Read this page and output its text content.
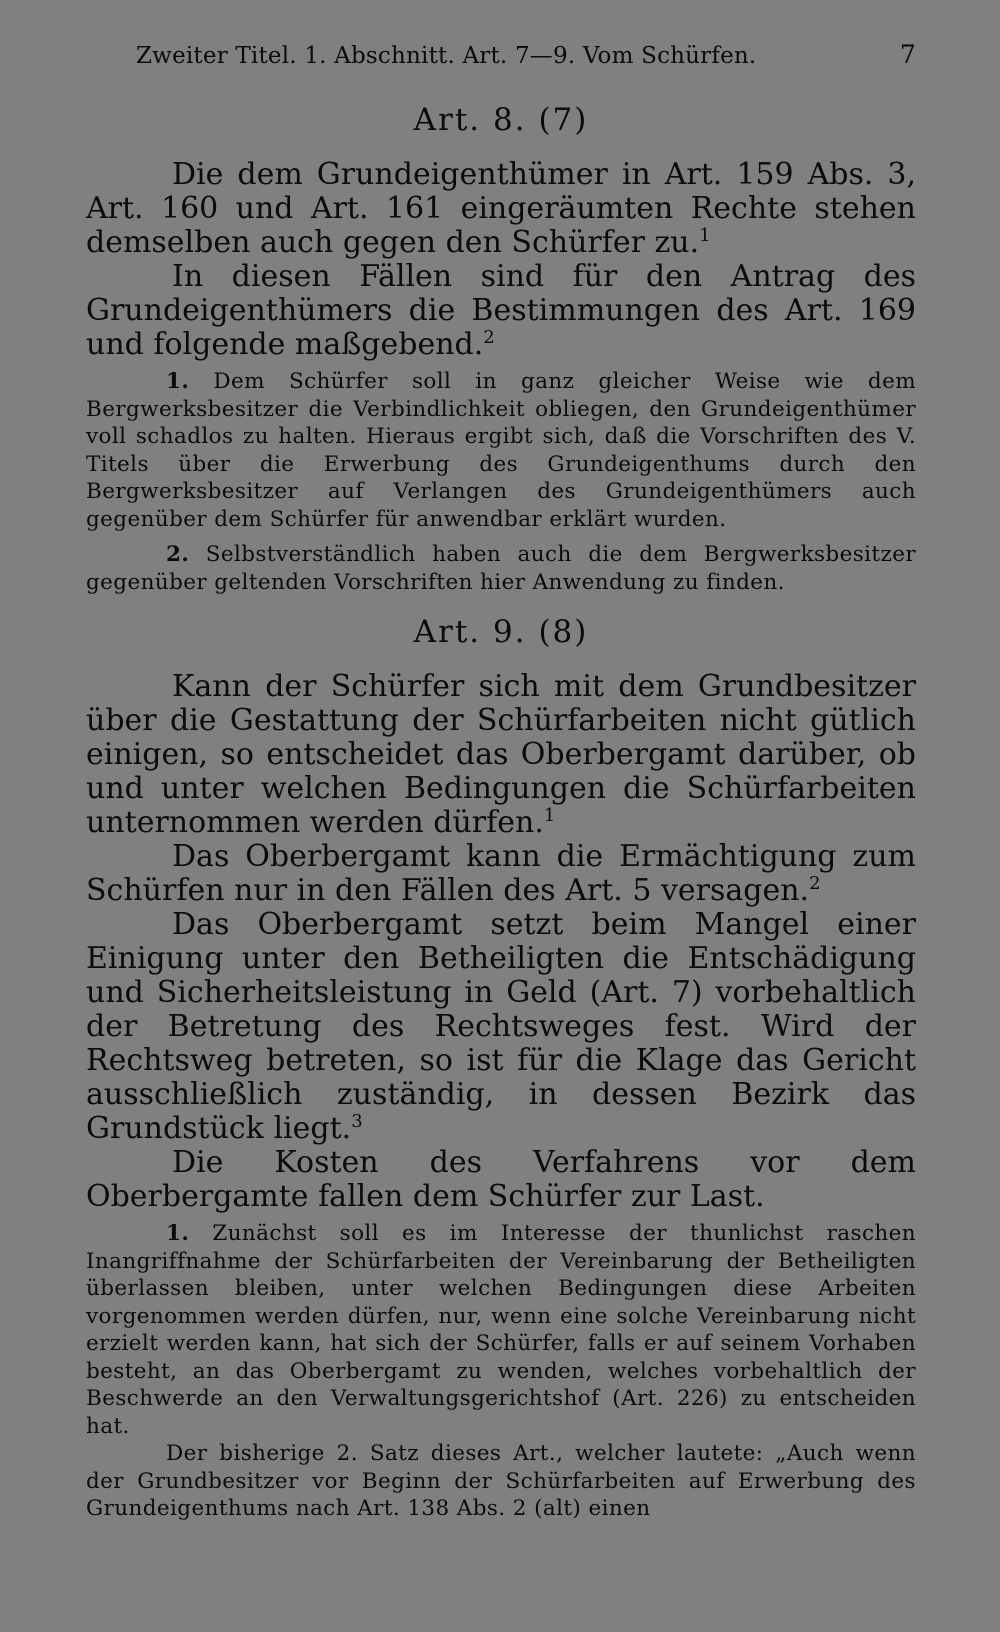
Zweiter Titel. 1. Abschnitt. Art. 7—9. Vom Schürfen.	7
Art. 8. (7)

Die dem Grundeigenthümer in Art. 159 Abs. 3, Art. 160 und Art. 161 eingeräumten Rechte stehen demselben auch gegen den Schürfer zu.$^1$

In diesen Fällen sind für den Antrag des Grundeigenthümers die Bestimmungen des Art. 169 und folgende maßgebend.$^2$

1. Dem Schürfer soll in ganz gleicher Weise wie dem Bergwerksbesitzer die Verbindlichkeit obliegen, den Grundeigenthümer voll schadlos zu halten. Hieraus ergibt sich, daß die Vorschriften des V. Titels über die Erwerbung des Grundeigenthums durch den Bergwerksbesitzer auf Verlangen des Grundeigenthümers auch gegenüber dem Schürfer für anwendbar erklärt wurden.

2. Selbstverständlich haben auch die dem Bergwerksbesitzer gegenüber geltenden Vorschriften hier Anwendung zu finden.

Art. 9. (8)

Kann der Schürfer sich mit dem Grundbesitzer über die Gestattung der Schürfarbeiten nicht gütlich einigen, so entscheidet das Oberbergamt darüber, ob und unter welchen Bedingungen die Schürfarbeiten unternommen werden dürfen.$^1$

Das Oberbergamt kann die Ermächtigung zum Schürfen nur in den Fällen des Art. 5 versagen.$^2$

Das Oberbergamt setzt beim Mangel einer Einigung unter den Betheiligten die Entschädigung und Sicherheitsleistung in Geld (Art. 7) vorbehaltlich der Betretung des Rechtsweges fest. Wird der Rechtsweg betreten, so ist für die Klage das Gericht ausschließlich zuständig, in dessen Bezirk das Grundstück liegt.$^3$

Die Kosten des Verfahrens vor dem Oberbergamte fallen dem Schürfer zur Last.

1. Zunächst soll es im Interesse der thunlichst raschen Inangriffnahme der Schürfarbeiten der Vereinbarung der Betheiligten überlassen bleiben, unter welchen Bedingungen diese Arbeiten vorgenommen werden dürfen, nur, wenn eine solche Vereinbarung nicht erzielt werden kann, hat sich der Schürfer, falls er auf seinem Vorhaben besteht, an das Oberbergamt zu wenden, welches vorbehaltlich der Beschwerde an den Verwaltungsgerichtshof (Art. 226) zu entscheiden hat.

Der bisherige 2. Satz dieses Art., welcher lautete: „Auch wenn der Grundbesitzer vor Beginn der Schürfarbeiten auf Erwerbung des Grundeigenthums nach Art. 138 Abs. 2 (alt) einen
